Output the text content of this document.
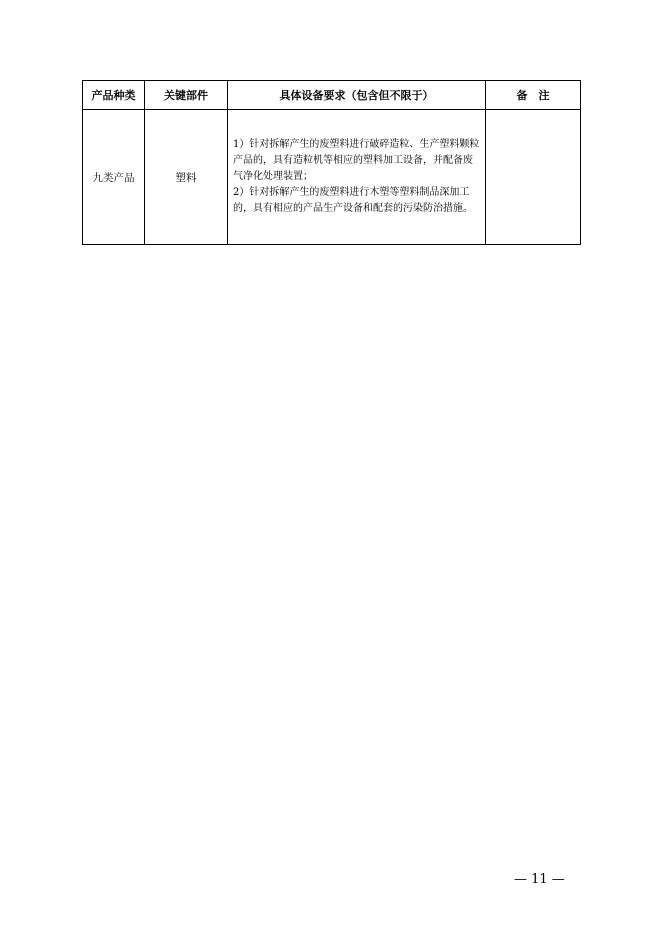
产品种类	关键部件	具体设备要求（包含但不限于）	备　注
九类产品	塑料	1）针对拆解产生的废塑料进行破碎造粒、生产塑料颗粒产品的，具有造粒机等相应的塑料加工设备，并配备废气净化处理装置；
2）针对拆解产生的废塑料进行木塑等塑料制品深加工的，具有相应的产品生产设备和配套的污染防治措施。	

— 11 —
